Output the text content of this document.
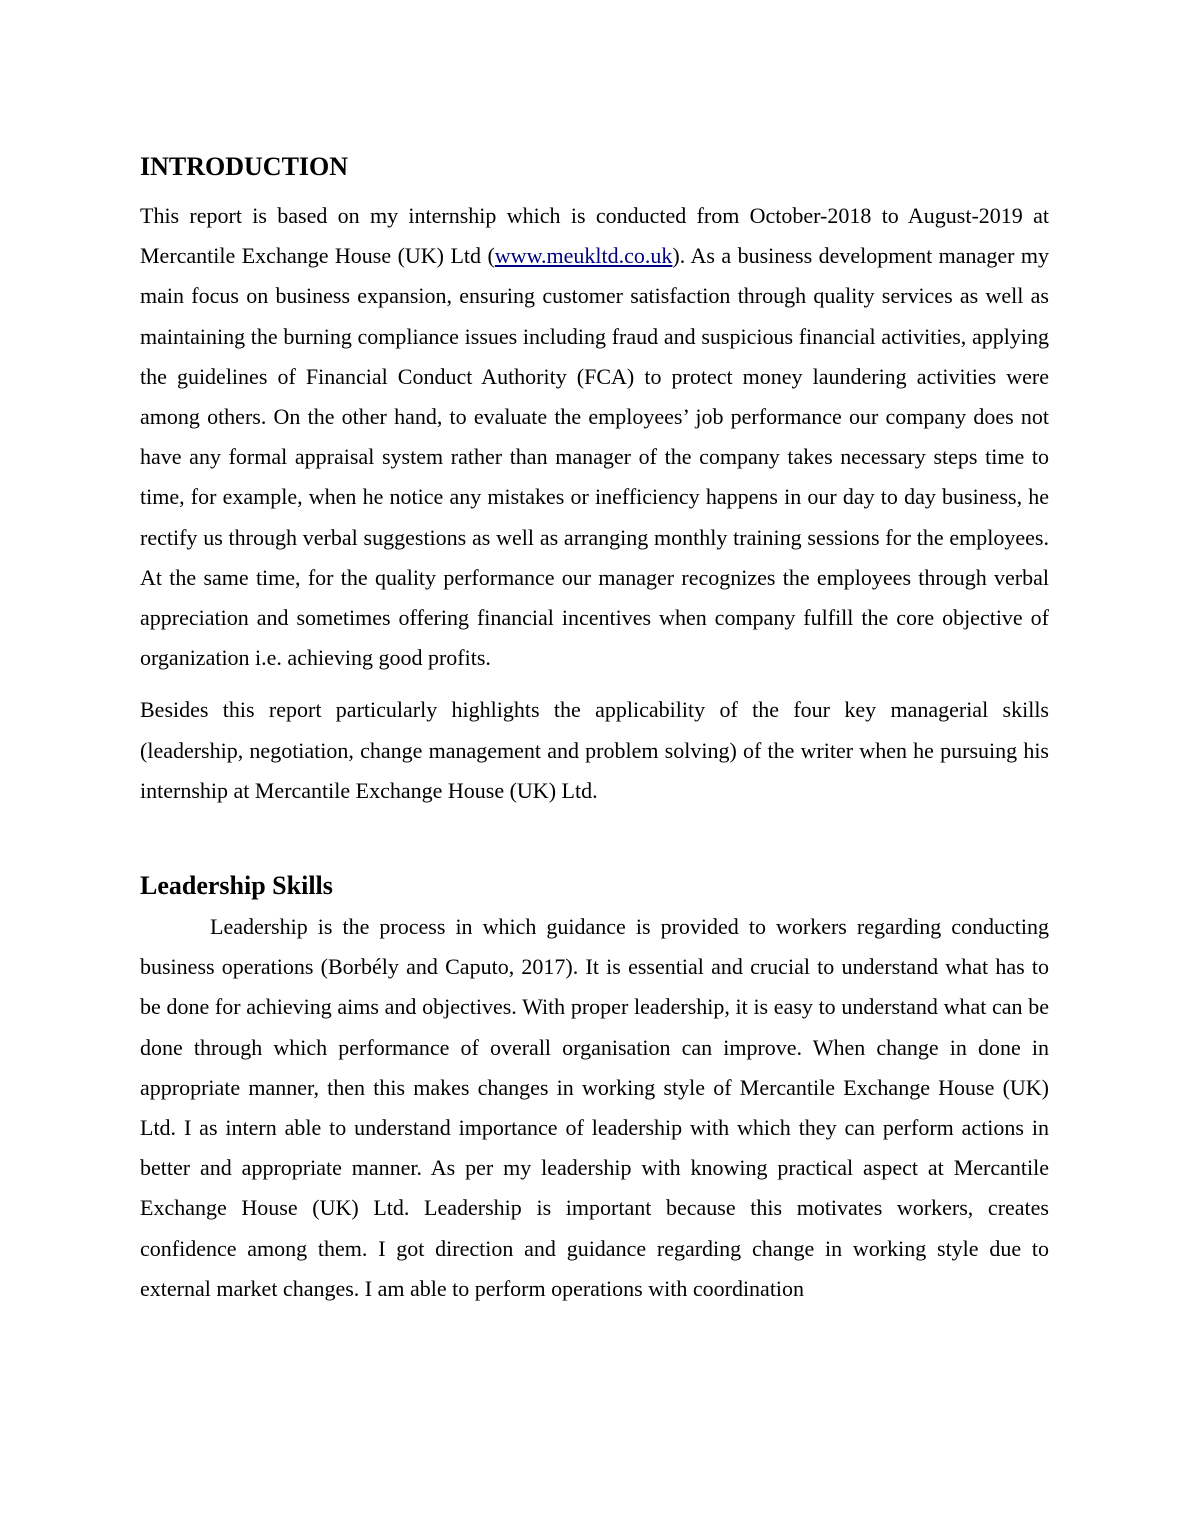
INTRODUCTION

This report is based on my internship which is conducted from October-2018 to August-2019 at Mercantile Exchange House (UK) Ltd (www.meukltd.co.uk). As a business development manager my main focus on business expansion, ensuring customer satisfaction through quality services as well as maintaining the burning compliance issues including fraud and suspicious financial activities, applying the guidelines of Financial Conduct Authority (FCA) to protect money laundering activities were among others. On the other hand, to evaluate the employees’ job performance our company does not have any formal appraisal system rather than manager of the company takes necessary steps time to time, for example, when he notice any mistakes or inefficiency happens in our day to day business, he rectify us through verbal suggestions as well as arranging monthly training sessions for the employees. At the same time, for the quality performance our manager recognizes the employees through verbal appreciation and sometimes offering financial incentives when company fulfill the core objective of organization i.e. achieving good profits.

Besides this report particularly highlights the applicability of the four key managerial skills (leadership, negotiation, change management and problem solving) of the writer when he pursuing his internship at Mercantile Exchange House (UK) Ltd.

Leadership Skills

Leadership is the process in which guidance is provided to workers regarding conducting business operations (Borbély and Caputo, 2017). It is essential and crucial to understand what has to be done for achieving aims and objectives. With proper leadership, it is easy to understand what can be done through which performance of overall organisation can improve. When change in done in appropriate manner, then this makes changes in working style of Mercantile Exchange House (UK) Ltd. I as intern able to understand importance of leadership with which they can perform actions in better and appropriate manner. As per my leadership with knowing practical aspect at Mercantile Exchange House (UK) Ltd. Leadership is important because this motivates workers, creates confidence among them. I got direction and guidance regarding change in working style due to external market changes. I am able to perform operations with coordination
